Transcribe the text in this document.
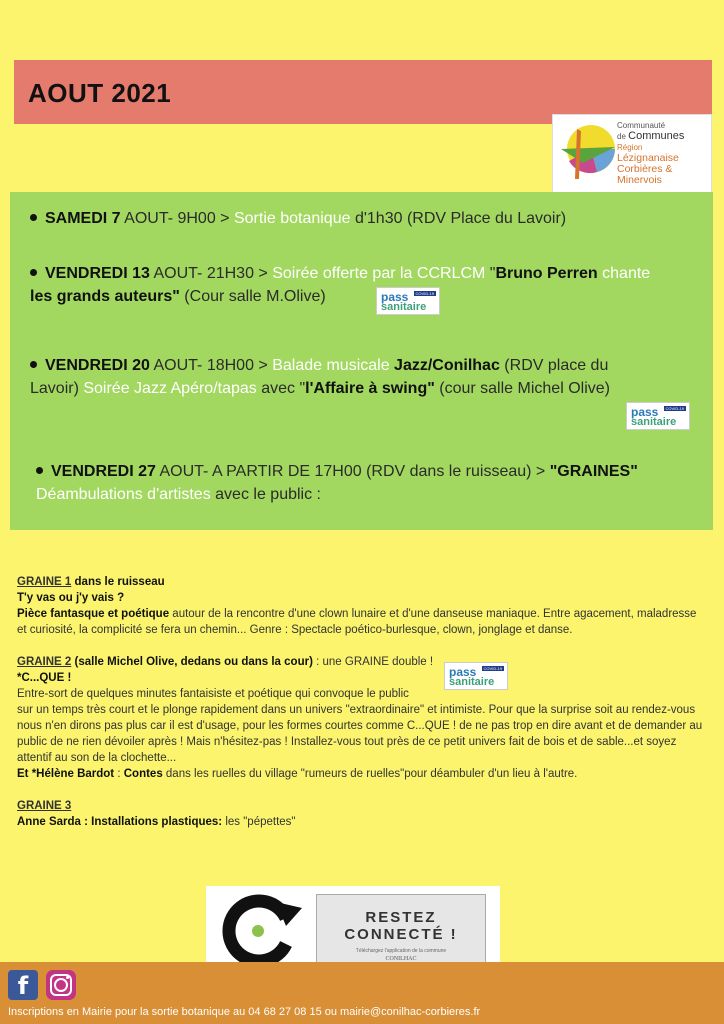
AOUT 2021
Communauté
de Communes
Région
Lézignanaise
Corbières &
Minervois
SAMEDI 7 AOUT- 9H00 > Sortie botanique d'1h30 (RDV Place du Lavoir)
VENDREDI 13 AOUT- 21H30 > Soirée offerte par la CCRLCM "Bruno Perren chante
les grands auteurs" (Cour salle M.Olive)
VENDREDI 20 AOUT- 18H00 > Balade musicale Jazz/Conilhac (RDV place du
Lavoir) Soirée Jazz Apéro/tapas avec "l'Affaire à swing" (cour salle Michel Olive)
VENDREDI 27 AOUT- A PARTIR DE 17H00 (RDV dans le ruisseau) > "GRAINES"
Déambulations d'artistes avec le public :
pass	COVID-19
sanitaire
pass	COVID-19
sanitaire
pass	COVID-19
sanitaire
GRAINE 1 dans le ruisseau
T'y vas ou j'y vais ?
Pièce fantasque et poétique autour de la rencontre d'une clown lunaire et d'une danseuse maniaque. Entre agacement, maladresse et curiosité, la complicité se fera un chemin... Genre : Spectacle poético-burlesque, clown, jonglage et danse.
GRAINE 2 (salle Michel Olive, dedans ou dans la cour) : une GRAINE double !
*C...QUE !
Entre-sort de quelques minutes fantaisiste et poétique qui convoque le public
sur un temps très court et le plonge rapidement dans un univers "extraordinaire" et intimiste. Pour que la surprise soit au rendez-vous nous n'en dirons pas plus car il est d'usage, pour les formes courtes comme C...QUE ! de ne pas trop en dire avant et de demander au public de ne rien dévoiler après ! Mais n'hésitez-pas ! Installez-vous tout près de ce petit univers fait de bois et de sable...et soyez attentif au son de la clochette...
Et *Hélène Bardot : Contes dans les ruelles du village "rumeurs de ruelles"pour déambuler d'un lieu à l'autre.
GRAINE 3
Anne Sarda : Installations plastiques: les "pépettes"
RESTEZ
CONNECTÉ !
Téléchargez l'application de la commune
CONILHAC
f
Inscriptions en Mairie pour la sortie botanique au 04 68 27 08 15 ou mairie@conilhac-corbieres.fr
